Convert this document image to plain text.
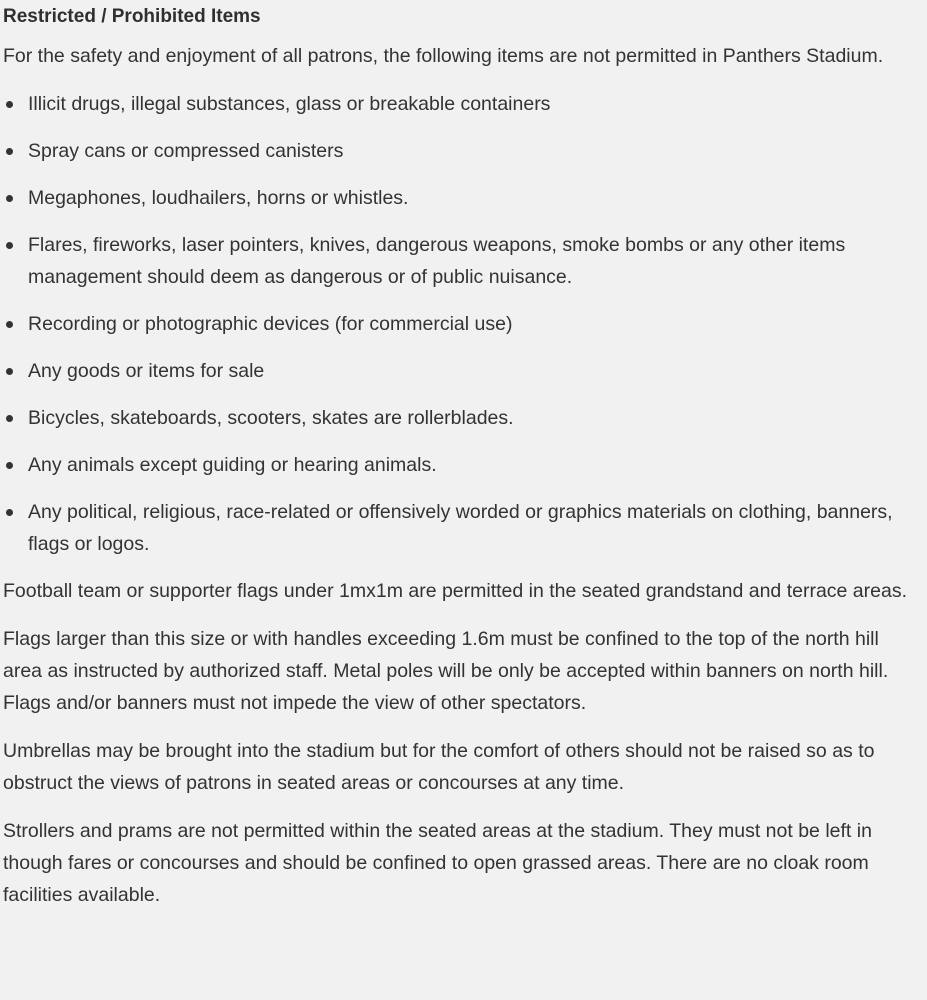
Restricted / Prohibited Items

For the safety and enjoyment of all patrons, the following items are not permitted in Panthers Stadium.

Illicit drugs, illegal substances, glass or breakable containers
Spray cans or compressed canisters
Megaphones, loudhailers, horns or whistles.
Flares, fireworks, laser pointers, knives, dangerous weapons, smoke bombs or any other items management should deem as dangerous or of public nuisance.
Recording or photographic devices (for commercial use)
Any goods or items for sale
Bicycles, skateboards, scooters, skates are rollerblades.
Any animals except guiding or hearing animals.
Any political, religious, race-related or offensively worded or graphics materials on clothing, banners, flags or logos.

Football team or supporter flags under 1mx1m are permitted in the seated grandstand and terrace areas.

Flags larger than this size or with handles exceeding 1.6m must be confined to the top of the north hill area as instructed by authorized staff. Metal poles will be only be accepted within banners on north hill. Flags and/or banners must not impede the view of other spectators.

Umbrellas may be brought into the stadium but for the comfort of others should not be raised so as to obstruct the views of patrons in seated areas or concourses at any time.

Strollers and prams are not permitted within the seated areas at the stadium. They must not be left in though fares or concourses and should be confined to open grassed areas. There are no cloak room facilities available.
